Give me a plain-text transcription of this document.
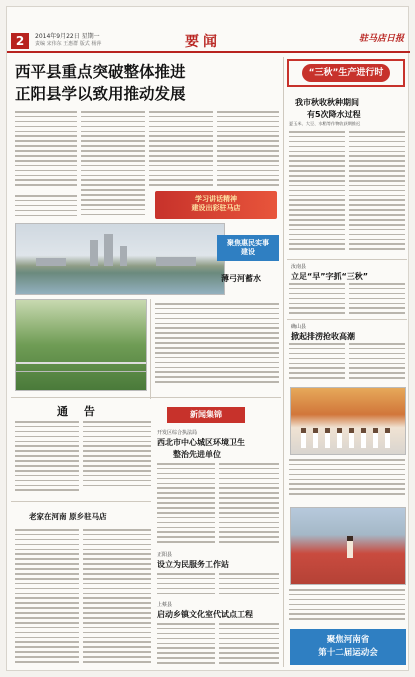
2	2014年9月22日 星期一
责编 宋伟东 王惠群 版式 杨萍	要闻	驻马店日报
西平县重点突破整体推进
正阳县学以致用推动发展
学习讲话精神
建设出彩驻马店
聚焦惠民实事
建设
薄弓河蓄水
通 告
老家在河南 原乡驻马店
新闻集锦
开发区综合执法局
西北市中心城区环境卫生
整治先进单位
正阳县
设立为民服务工作站
上蔡县
启动乡镇文化室代试点工程
“三秋”生产进行时
我市秋收秋种期间
有5次降水过程
夏玉米、大豆、水稻等作物收获期推迟
汝南县
立足“早”字抓“三秋”
确山县
掀起排涝抢收高潮
聚焦河南省
第十二届运动会
